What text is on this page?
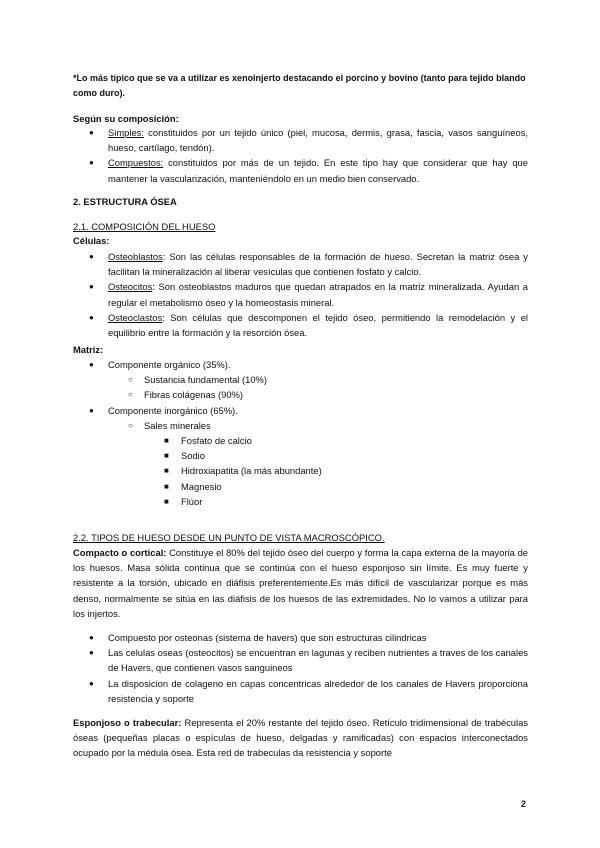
*Lo más típico que se va a utilizar es xenoinjerto destacando el porcino y bovino (tanto para tejido blando como duro).

Según su composición:

● Simples: constituidos por un tejido único (piel, mucosa, dermis, grasa, fascia, vasos sanguíneos, hueso, cartílago, tendón).
● Compuestos: constituidos por más de un tejido. En este tipo hay que considerar que hay que mantener la vascularización, manteniéndolo en un medio bien conservado.

2. ESTRUCTURA ÓSEA

2.1. COMPOSICIÓN DEL HUESO

Células:

● Osteoblastos: Son las células responsables de la formación de hueso. Secretan la matriz ósea y facilitan la mineralización al liberar vesículas que contienen fosfato y calcio.
● Osteocitos: Son osteoblastos maduros que quedan atrapados en la matriz mineralizada. Ayudan a regular el metabolismo óseo y la homeostasis mineral.
● Osteoclastos: Son células que descomponen el tejido óseo, permitiendo la remodelación y el equilibrio entre la formación y la resorción ósea.

Matriz:

● Componente orgánico (35%).
○ Sustancia fundamental (10%)
○ Fibras colágenas (90%)
● Componente inorgánico (65%).
○ Sales minerales
■ Fosfato de calcio
■ Sodio
■ Hidroxiapatita (la más abundante)
■ Magnesio
■ Flúor

2.2. TIPOS DE HUESO DESDE UN PUNTO DE VISTA MACROSCÓPICO.

Compacto o cortical: Constituye el 80% del tejido óseo del cuerpo y forma la capa externa de la mayoria de los huesos. Masa sólida continua que se continúa con el hueso esponjoso sin límite. Es muy fuerte y resistente a la torsión, ubicado en diáfisis preferentemente.Es más difícil de vascularizar porque es más denso, normalmente se sitúa en las diáfisis de los huesos de las extremidades. No lo vamos a utilizar para los injertos.

● Compuesto por osteonas (sistema de havers) que son estructuras cilindricas
● Las celulas oseas (osteocitos) se encuentran en lagunas y reciben nutrientes a traves de los canales de Havers, que contienen vasos sanguineos
● La disposicion de colageno en capas concentricas alrededor de los canales de Havers proporciona resistencia y soporte

Esponjoso o trabecular: Representa el 20% restante del tejido óseo. Retículo tridimensional de trabéculas óseas (pequeñas placas o espículas de hueso, delgadas y ramificadas) con espacios interconectados ocupado por la médula ósea. Esta red de trabeculas da resistencia y soporte

2
